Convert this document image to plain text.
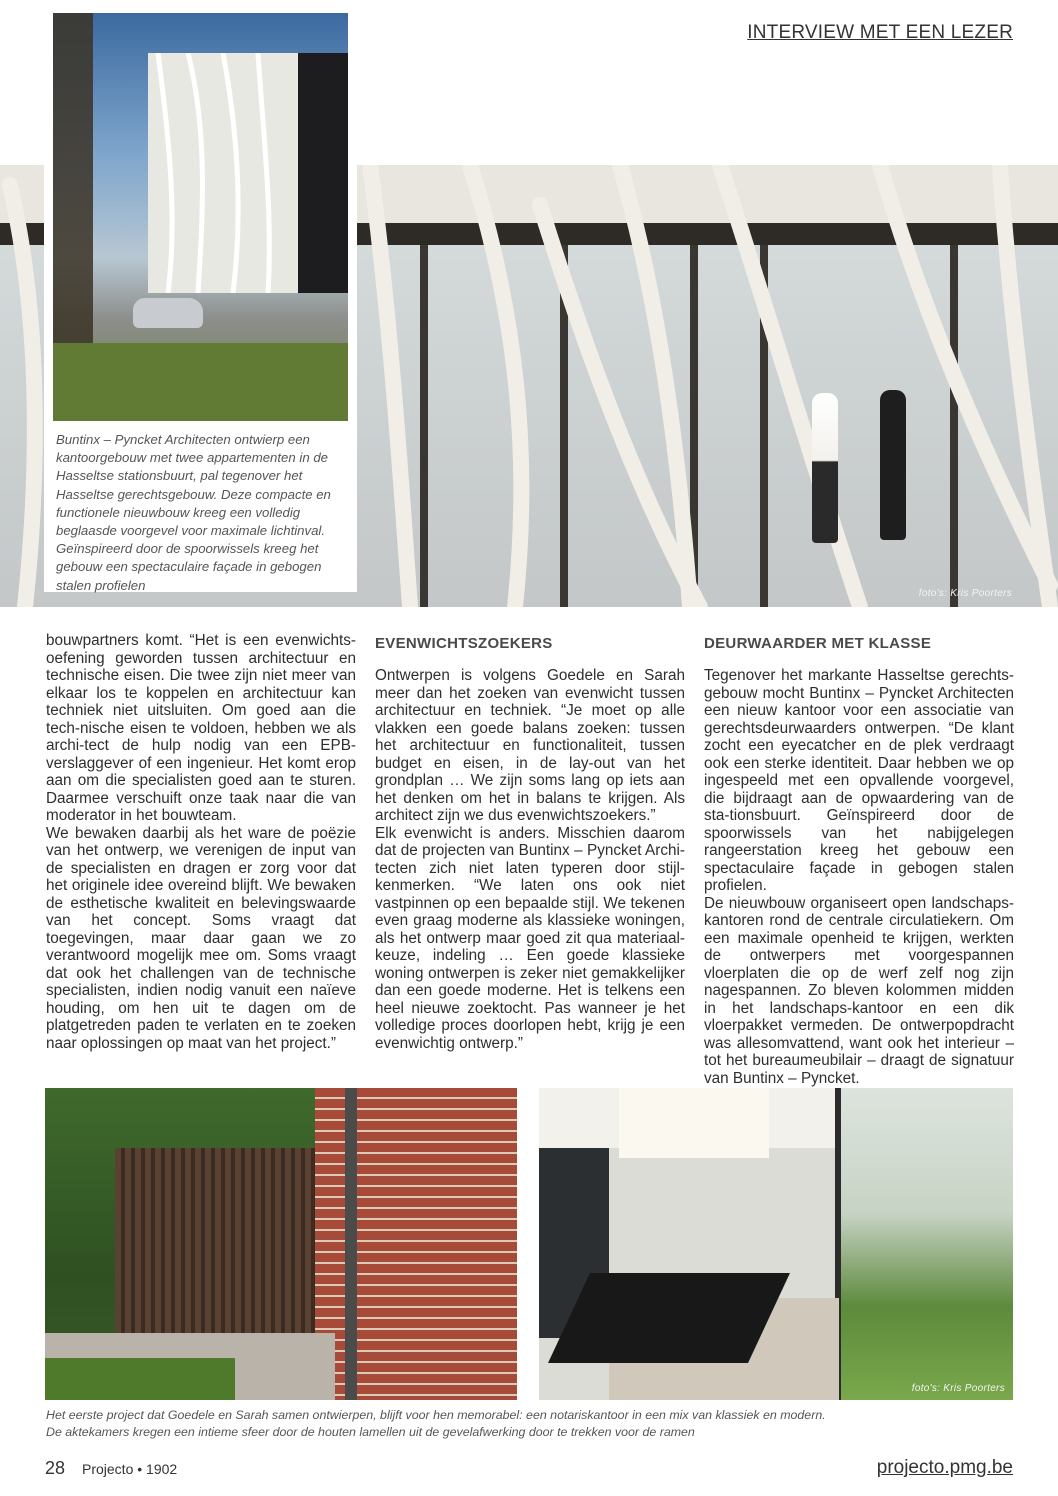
INTERVIEW MET EEN LEZER
foto's: Kris Poorters
Buntinx – Pyncket Architecten ontwierp een kantoorgebouw met twee appartementen in de Hasseltse stationsbuurt, pal tegenover het Hasseltse gerechtsgebouw. Deze compacte en functionele nieuwbouw kreeg een volledig beglaasde voorgevel voor maximale lichtinval. Geïnspireerd door de spoorwissels kreeg het gebouw een spectaculaire façade in gebogen stalen profielen

bouwpartners komt. “Het is een evenwichts-oefening geworden tussen architectuur en technische eisen. Die twee zijn niet meer van elkaar los te koppelen en architectuur kan techniek niet uitsluiten. Om goed aan die tech-nische eisen te voldoen, hebben we als archi-tect de hulp nodig van een EPB-verslaggever of een ingenieur. Het komt erop aan om die specialisten goed aan te sturen. Daarmee verschuift onze taak naar die van moderator in het bouwteam.

We bewaken daarbij als het ware de poëzie van het ontwerp, we verenigen de input van de specialisten en dragen er zorg voor dat het originele idee overeind blijft. We bewaken de esthetische kwaliteit en belevingswaarde van het concept. Soms vraagt dat toegevingen, maar daar gaan we zo verantwoord mogelijk mee om. Soms vraagt dat ook het challengen van de technische specialisten, indien nodig vanuit een naïeve houding, om hen uit te dagen om de platgetreden paden te verlaten en te zoeken naar oplossingen op maat van het project.”

EVENWICHTSZOEKERS

Ontwerpen is volgens Goedele en Sarah meer dan het zoeken van evenwicht tussen architectuur en techniek. “Je moet op alle vlakken een goede balans zoeken: tussen het architectuur en functionaliteit, tussen budget en eisen, in de lay-out van het grondplan … We zijn soms lang op iets aan het denken om het in balans te krijgen. Als architect zijn we dus evenwichtszoekers.”

Elk evenwicht is anders. Misschien daarom dat de projecten van Buntinx – Pyncket Archi-tecten zich niet laten typeren door stijl-kenmerken. “We laten ons ook niet vastpinnen op een bepaalde stijl. We tekenen even graag moderne als klassieke woningen, als het ontwerp maar goed zit qua materiaal-keuze, indeling … Een goede klassieke woning ontwerpen is zeker niet gemakkelijker dan een goede moderne. Het is telkens een heel nieuwe zoektocht. Pas wanneer je het volledige proces doorlopen hebt, krijg je een evenwichtig ontwerp.”

DEURWAARDER MET KLASSE

Tegenover het markante Hasseltse gerechts-gebouw mocht Buntinx – Pyncket Architecten een nieuw kantoor voor een associatie van gerechtsdeurwaarders ontwerpen. “De klant zocht een eyecatcher en de plek verdraagt ook een sterke identiteit. Daar hebben we op ingespeeld met een opvallende voorgevel, die bijdraagt aan de opwaardering van de sta-tionsbuurt. Geïnspireerd door de spoorwissels van het nabijgelegen rangeerstation kreeg het gebouw een spectaculaire façade in gebogen stalen profielen.

De nieuwbouw organiseert open landschaps-kantoren rond de centrale circulatiekern. Om een maximale openheid te krijgen, werkten de ontwerpers met voorgespannen vloerplaten die op de werf zelf nog zijn nagespannen. Zo bleven kolommen midden in het landschaps-kantoor en een dik vloerpakket vermeden. De ontwerpopdracht was allesomvattend, want ook het interieur – tot het bureaumeubilair – draagt de signatuur van Buntinx – Pyncket.

foto's: Kris Poorters
Het eerste project dat Goedele en Sarah samen ontwierpen, blijft voor hen memorabel: een notariskantoor in een mix van klassiek en modern.
De aktekamers kregen een intieme sfeer door de houten lamellen uit de gevelafwerking door te trekken voor de ramen
28 Projecto • 1902	projecto.pmg.be
